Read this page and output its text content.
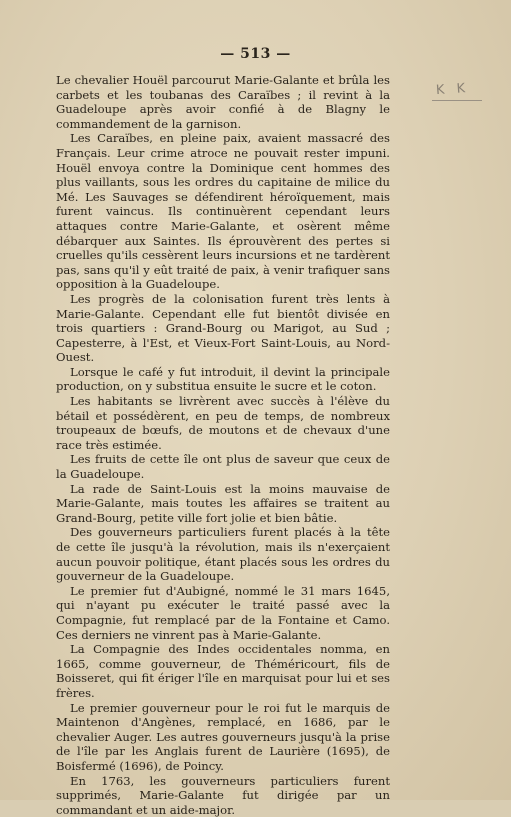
— 513 —
K K

Le chevalier Houël parcourut Marie-Galante et brûla les carbets et les toubanas des Caraïbes ; il revint à la Guadeloupe après avoir confié à de Blagny le commandement de la garnison.

Les Caraïbes, en pleine paix, avaient massacré des Français. Leur crime atroce ne pouvait rester impuni. Houël envoya contre la Dominique cent hommes des plus vaillants, sous les ordres du capitaine de milice du Mé. Les Sauvages se défendirent héroïquement, mais furent vaincus. Ils continuèrent cependant leurs attaques contre Marie-Galante, et osèrent même débarquer aux Saintes. Ils éprouvèrent des pertes si cruelles qu'ils cessèrent leurs incursions et ne tardèrent pas, sans qu'il y eût traité de paix, à venir trafiquer sans opposition à la Guadeloupe.

Les progrès de la colonisation furent très lents à Marie-Galante. Cependant elle fut bientôt divisée en trois quartiers : Grand-Bourg ou Marigot, au Sud ; Capesterre, à l'Est, et Vieux-Fort Saint-Louis, au Nord-Ouest.

Lorsque le café y fut introduit, il devint la principale production, on y substitua ensuite le sucre et le coton.

Les habitants se livrèrent avec succès à l'élève du bétail et possédèrent, en peu de temps, de nombreux troupeaux de bœufs, de moutons et de chevaux d'une race très estimée.

Les fruits de cette île ont plus de saveur que ceux de la Guadeloupe.

La rade de Saint-Louis est la moins mauvaise de Marie-Galante, mais toutes les affaires se traitent au Grand-Bourg, petite ville fort jolie et bien bâtie.

Des gouverneurs particuliers furent placés à la tête de cette île jusqu'à la révolution, mais ils n'exerçaient aucun pouvoir politique, étant placés sous les ordres du gouverneur de la Guadeloupe.

Le premier fut d'Aubigné, nommé le 31 mars 1645, qui n'ayant pu exécuter le traité passé avec la Compagnie, fut remplacé par de la Fontaine et Camo. Ces derniers ne vinrent pas à Marie-Galante.

La Compagnie des Indes occidentales nomma, en 1665, comme gouverneur, de Théméricourt, fils de Boisseret, qui fit ériger l'île en marquisat pour lui et ses frères.

Le premier gouverneur pour le roi fut le marquis de Maintenon d'Angènes, remplacé, en 1686, par le chevalier Auger. Les autres gouverneurs jusqu'à la prise de l'île par les Anglais furent de Laurière (1695), de Boisfermé (1696), de Poincy.

En 1763, les gouverneurs particuliers furent supprimés, Marie-Galante fut dirigée par un commandant et un aide-major.
